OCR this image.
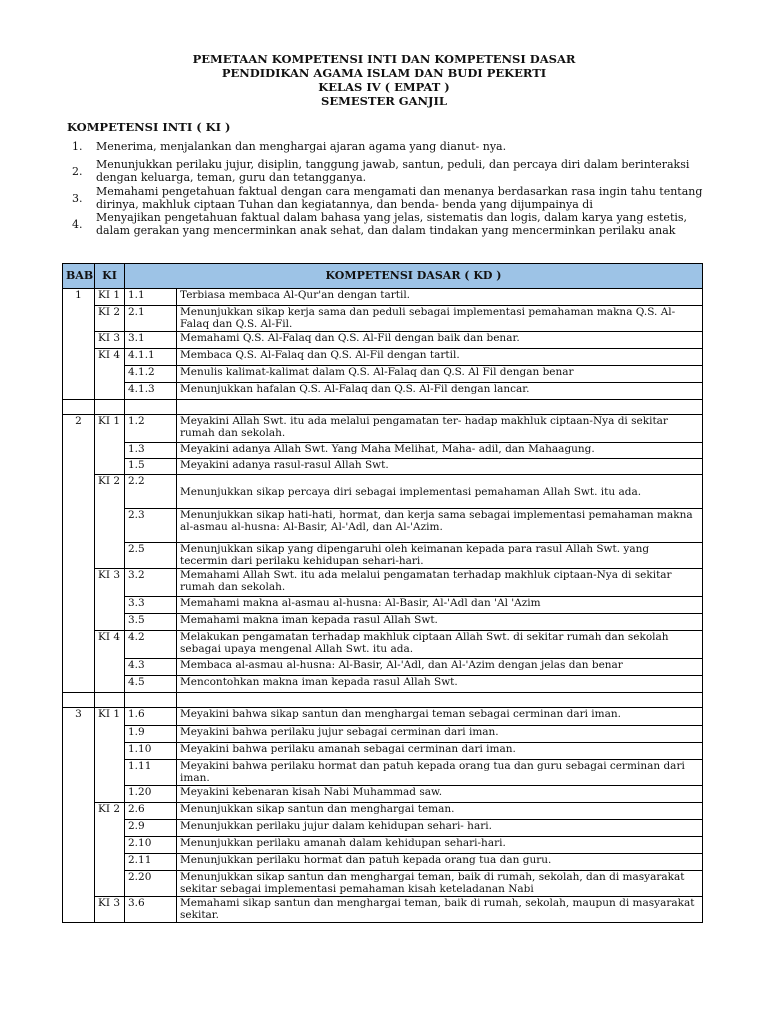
PEMETAAN KOMPETENSI INTI DAN KOMPETENSI DASAR
PENDIDIKAN AGAMA ISLAM DAN BUDI PEKERTI
KELAS IV ( EMPAT )
SEMESTER GANJIL
KOMPETENSI INTI ( KI )
1. Menerima, menjalankan dan menghargai ajaran agama yang dianut- nya.
2.
Menunjukkan perilaku jujur, disiplin, tanggung jawab, santun, peduli, dan percaya diri dalam berinteraksi dengan keluarga, teman, guru dan tetangganya.
3.
Memahami pengetahuan faktual dengan cara mengamati dan menanya berdasarkan rasa ingin tahu tentang dirinya, makhluk ciptaan Tuhan dan kegiatannya, dan benda- benda yang dijumpainya di
4.
Menyajikan pengetahuan faktual dalam bahasa yang jelas, sistematis dan logis, dalam karya yang estetis, dalam gerakan yang mencerminkan anak sehat, dan dalam tindakan yang mencerminkan perilaku anak
BAB	KI	KOMPETENSI DASAR ( KD )	
1	KI 1	1.1	Terbiasa membaca Al-Qur'an dengan tartil.
	KI 2	2.1	Menunjukkan sikap kerja sama dan peduli sebagai implementasi pemahaman makna Q.S. Al-Falaq dan Q.S. Al-Fil.
	KI 3	3.1	Memahami Q.S. Al-Falaq dan Q.S. Al-Fil dengan baik dan benar.
	KI 4	4.1.1	Membaca Q.S. Al-Falaq dan Q.S. Al-Fil dengan tartil.
		4.1.2	Menulis kalimat-kalimat dalam Q.S. Al-Falaq dan Q.S. Al Fil dengan benar
		4.1.3	Menunjukkan hafalan Q.S. Al-Falaq dan Q.S. Al-Fil dengan lancar.

2	KI 1	1.2	Meyakini Allah Swt. itu ada melalui pengamatan ter- hadap makhluk ciptaan-Nya di sekitar rumah dan sekolah.
		1.3	Meyakini adanya Allah Swt. Yang Maha Melihat, Maha- adil, dan Mahaagung.
		1.5	Meyakini adanya rasul-rasul Allah Swt.
	KI 2	2.2	Menunjukkan sikap percaya diri sebagai implementasi pemahaman Allah Swt. itu ada.
		2.3	Menunjukkan sikap hati-hati, hormat, dan kerja sama sebagai implementasi pemahaman makna al-asmau al-husna: Al-Basir, Al-'Adl, dan Al-'Azim.
		2.5	Menunjukkan sikap yang dipengaruhi oleh keimanan kepada para rasul Allah Swt. yang tecermin dari perilaku kehidupan sehari-hari.
	KI 3	3.2	Memahami Allah Swt. itu ada melalui pengamatan terhadap makhluk ciptaan-Nya di sekitar rumah dan sekolah.
		3.3	Memahami makna al-asmau al-husna: Al-Basir, Al-'Adl dan 'Al 'Azim
		3.5	Memahami makna iman kepada rasul Allah Swt.
	KI 4	4.2	Melakukan pengamatan terhadap makhluk ciptaan Allah Swt. di sekitar rumah dan sekolah sebagai upaya mengenal Allah Swt. itu ada.
		4.3	Membaca al-asmau al-husna: Al-Basir, Al-'Adl, dan Al-'Azim dengan jelas dan benar
		4.5	Mencontohkan makna iman kepada rasul Allah Swt.

3	KI 1	1.6	Meyakini bahwa sikap santun dan menghargai teman sebagai cerminan dari iman.
		1.9	Meyakini bahwa perilaku jujur sebagai cerminan dari iman.
		1.10	Meyakini bahwa perilaku amanah sebagai cerminan dari iman.
		1.11	Meyakini bahwa perilaku hormat dan patuh kepada orang tua dan guru sebagai cerminan dari iman.
		1.20	Meyakini kebenaran kisah Nabi Muhammad saw.
	KI 2	2.6	Menunjukkan sikap santun dan menghargai teman.
		2.9	Menunjukkan perilaku jujur dalam kehidupan sehari- hari.
		2.10	Menunjukkan perilaku amanah dalam kehidupan sehari-hari.
		2.11	Menunjukkan perilaku hormat dan patuh kepada orang tua dan guru.
		2.20	Menunjukkan sikap santun dan menghargai teman, baik di rumah, sekolah, dan di masyarakat sekitar sebagai implementasi pemahaman kisah keteladanan Nabi
	KI 3	3.6	Memahami sikap santun dan menghargai teman, baik di rumah, sekolah, maupun di masyarakat sekitar.
